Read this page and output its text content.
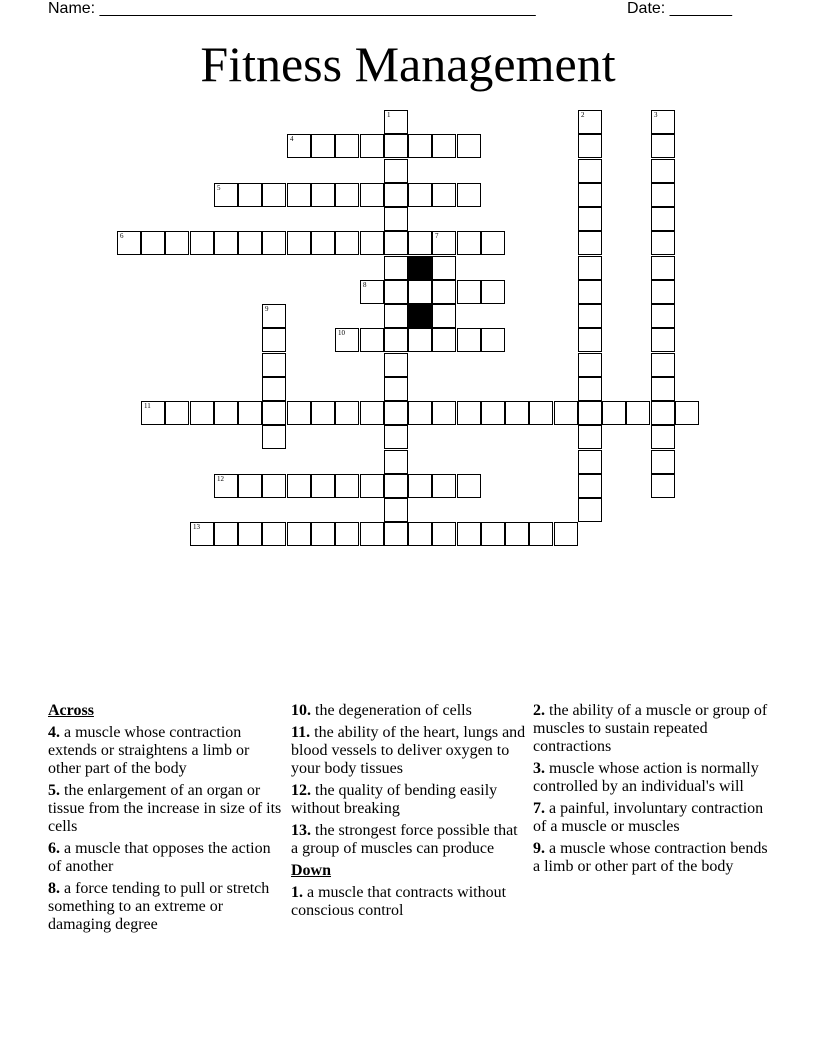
Name: _________________________________________________	Date: _______
Fitness Management
1	2	3
4
5
6	7
8
9
10
11
12
13
Across
4. a muscle whose contraction extends or straightens a limb or other part of the body
5. the enlargement of an organ or tissue from the increase in size of its cells
6. a muscle that opposes the action of another
8. a force tending to pull or stretch something to an extreme or damaging degree
10. the degeneration of cells
11. the ability of the heart, lungs and blood vessels to deliver oxygen to your body tissues
12. the quality of bending easily without breaking
13. the strongest force possible that a group of muscles can produce
Down
1. a muscle that contracts without conscious control
2. the ability of a muscle or group of muscles to sustain repeated contractions
3. muscle whose action is normally controlled by an individual's will
7. a painful, involuntary contraction of a muscle or muscles
9. a muscle whose contraction bends a limb or other part of the body
